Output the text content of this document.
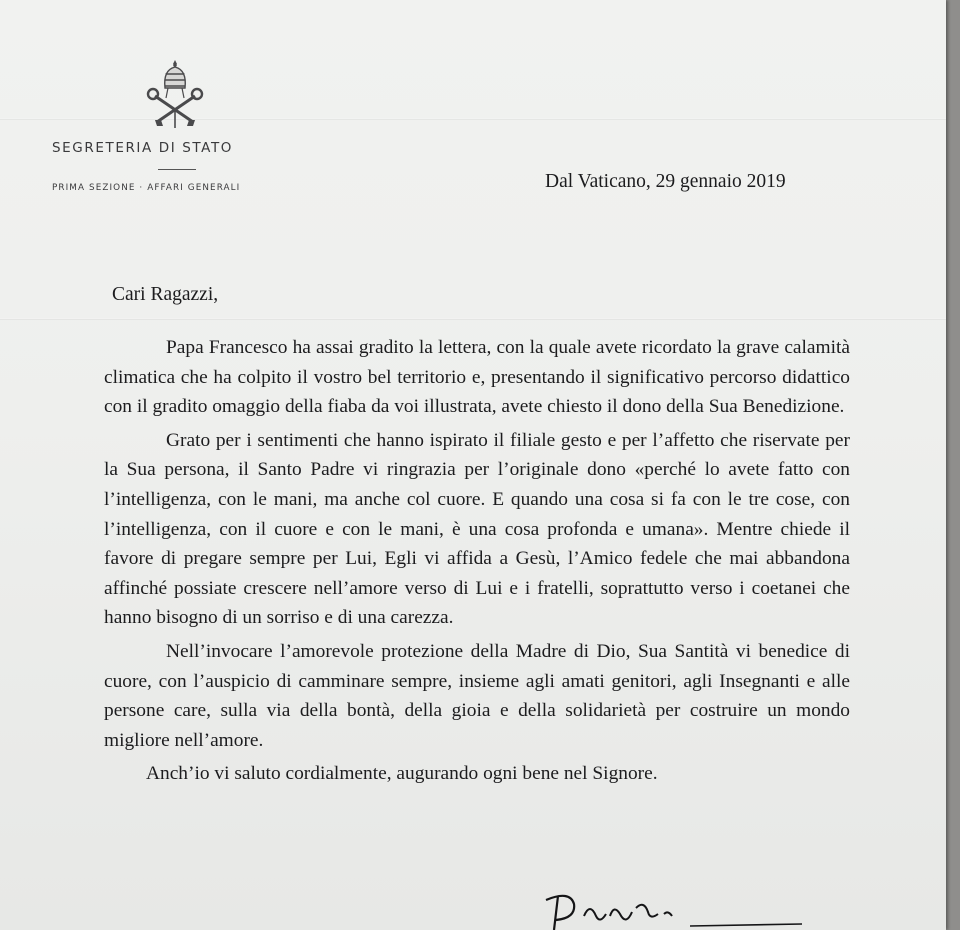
SEGRETERIA DI STATO
PRIMA SEZIONE · AFFARI GENERALI	Dal Vaticano, 29 gennaio 2019
Cari Ragazzi,

Papa Francesco ha assai gradito la lettera, con la quale avete ricordato la grave calamità climatica che ha colpito il vostro bel territorio e, presentando il significativo percorso didattico con il gradito omaggio della fiaba da voi illustrata, avete chiesto il dono della Sua Benedizione.

Grato per i sentimenti che hanno ispirato il filiale gesto e per l’affetto che riservate per la Sua persona, il Santo Padre vi ringrazia per l’originale dono «perché lo avete fatto con l’intelligenza, con le mani, ma anche col cuore. E quando una cosa si fa con le tre cose, con l’intelligenza, con il cuore e con le mani, è una cosa profonda e umana». Mentre chiede il favore di pregare sempre per Lui, Egli vi affida a Gesù, l’Amico fedele che mai abbandona affinché possiate crescere nell’amore verso di Lui e i fratelli, soprattutto verso i coetanei che hanno bisogno di un sorriso e di una carezza.

Nell’invocare l’amorevole protezione della Madre di Dio, Sua Santità vi benedice di cuore, con l’auspicio di camminare sempre, insieme agli amati genitori, agli Insegnanti e alle persone care, sulla via della bontà, della gioia e della solidarietà per costruire un mondo migliore nell’amore.

Anch’io vi saluto cordialmente, augurando ogni bene nel Signore.
